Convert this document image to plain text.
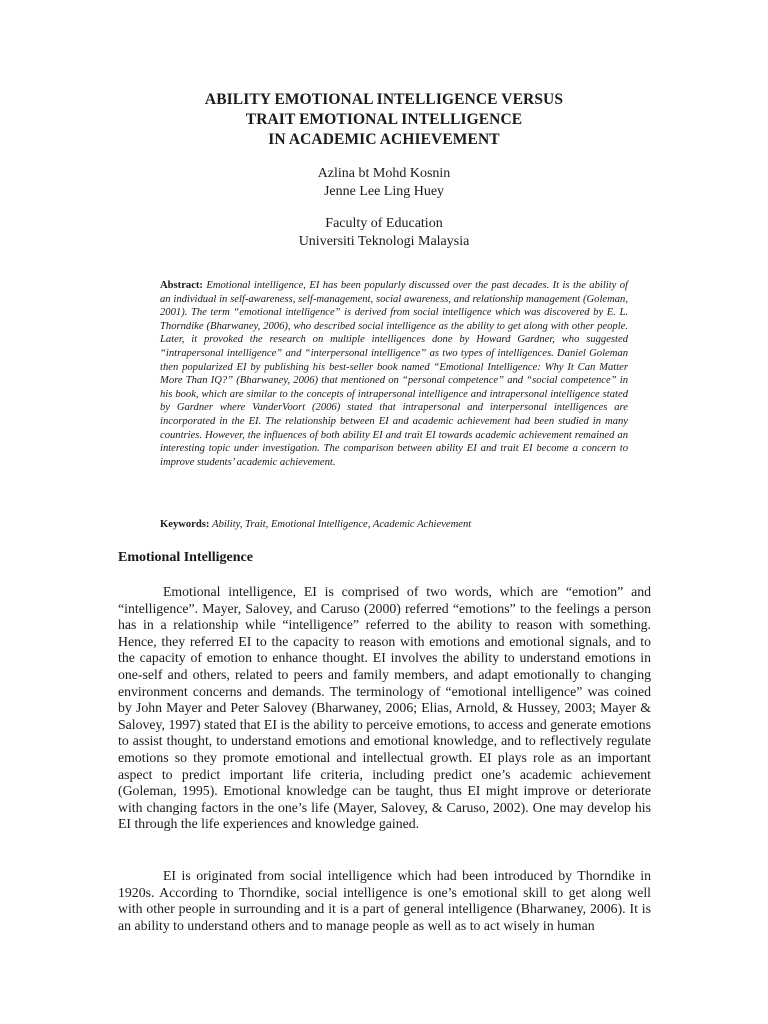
ABILITY EMOTIONAL INTELLIGENCE VERSUS
TRAIT EMOTIONAL INTELLIGENCE
IN ACADEMIC ACHIEVEMENT
Azlina bt Mohd Kosnin
Jenne Lee Ling Huey
Faculty of Education
Universiti Teknologi Malaysia
Abstract: Emotional intelligence, EI has been popularly discussed over the past decades. It is the ability of an individual in self-awareness, self-management, social awareness, and relationship management (Goleman, 2001). The term “emotional intelligence” is derived from social intelligence which was discovered by E. L. Thorndike (Bharwaney, 2006), who described social intelligence as the ability to get along with other people. Later, it provoked the research on multiple intelligences done by Howard Gardner, who suggested “intrapersonal intelligence” and “interpersonal intelligence” as two types of intelligences. Daniel Goleman then popularized EI by publishing his best-seller book named “Emotional Intelligence: Why It Can Matter More Than IQ?” (Bharwaney, 2006) that mentioned on “personal competence” and “social competence” in his book, which are similar to the concepts of intrapersonal intelligence and intrapersonal intelligence stated by Gardner where VanderVoort (2006) stated that intrapersonal and interpersonal intelligences are incorporated in the EI. The relationship between EI and academic achievement had been studied in many countries. However, the influences of both ability EI and trait EI towards academic achievement remained an interesting topic under investigation. The comparison between ability EI and trait EI become a concern to improve students’ academic achievement.
Keywords: Ability, Trait, Emotional Intelligence, Academic Achievement
Emotional Intelligence
Emotional intelligence, EI is comprised of two words, which are “emotion” and “intelligence”. Mayer, Salovey, and Caruso (2000) referred “emotions” to the feelings a person has in a relationship while “intelligence” referred to the ability to reason with something. Hence, they referred EI to the capacity to reason with emotions and emotional signals, and to the capacity of emotion to enhance thought. EI involves the ability to understand emotions in one-self and others, related to peers and family members, and adapt emotionally to changing environment concerns and demands. The terminology of “emotional intelligence” was coined by John Mayer and Peter Salovey (Bharwaney, 2006; Elias, Arnold, & Hussey, 2003; Mayer & Salovey, 1997) stated that EI is the ability to perceive emotions, to access and generate emotions to assist thought, to understand emotions and emotional knowledge, and to reflectively regulate emotions so they promote emotional and intellectual growth. EI plays role as an important aspect to predict important life criteria, including predict one’s academic achievement (Goleman, 1995). Emotional knowledge can be taught, thus EI might improve or deteriorate with changing factors in the one’s life (Mayer, Salovey, & Caruso, 2002). One may develop his EI through the life experiences and knowledge gained.
EI is originated from social intelligence which had been introduced by Thorndike in 1920s. According to Thorndike, social intelligence is one’s emotional skill to get along well with other people in surrounding and it is a part of general intelligence (Bharwaney, 2006). It is an ability to understand others and to manage people as well as to act wisely in human
